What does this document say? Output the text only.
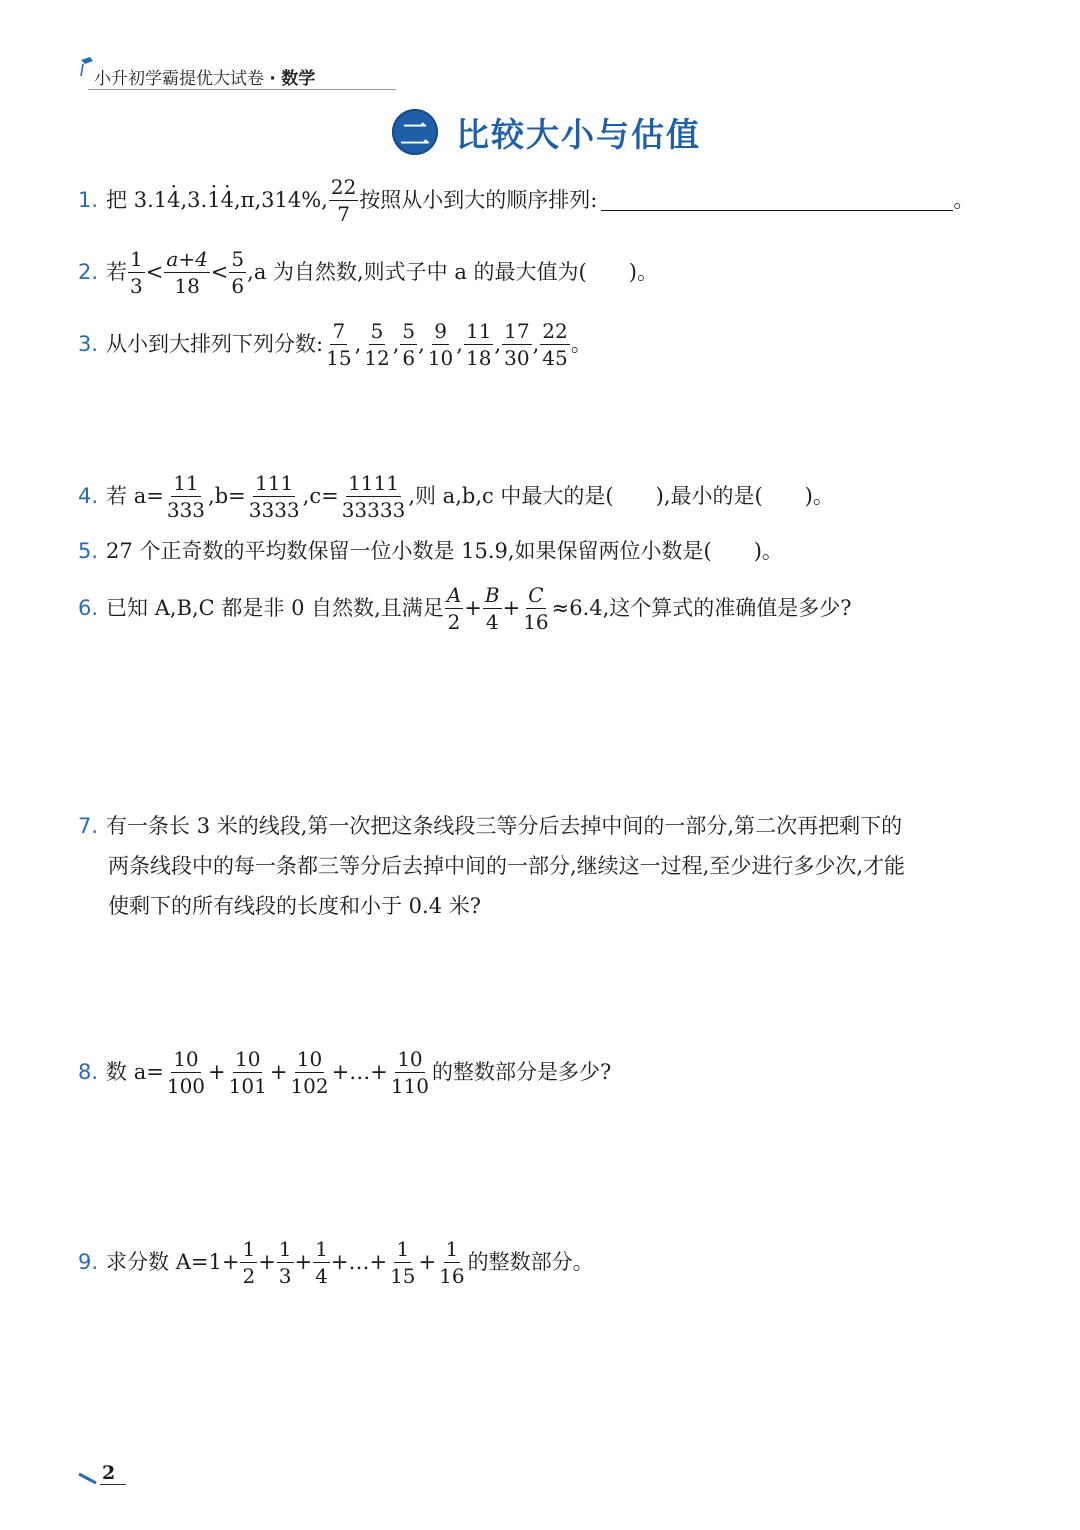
小升初学霸提优大试卷 · 数学
二 比较大小与估值
1. 把 3.1 · 4 ,3. · 1 · 4 ,π,314%, $\frac{22}{7}$ 按照从小到大的顺序排列:	。
2. 若 $\frac{1}{3} < \frac{a+4}{18} < \frac{5}{6} ,a$ 为自然数,则式子中 a 的最大值为(　　)。
3. 从小到大排列下列分数: $\frac{7}{15}$ , $\frac{5}{12}$ , $\frac{5}{6}$ , $\frac{9}{10}$ , $\frac{11}{18}$ , $\frac{17}{30}$ , $\frac{22}{45}$ 。
4. 若 $a= \frac{11}{333} ,b= \frac{111}{3333} ,c= \frac{1111}{33333}$ ,则 a,b,c 中最大的是(　　),最小的是(　　)。
5. 27 个正奇数的平均数保留一位小数是 15.9,如果保留两位小数是(　　)。
6. 已知 A,B,C 都是非 0 自然数,且满足 $\frac{A}{2} + \frac{B}{4} + \frac{C}{16} \approx 6.4$,这个算式的准确值是多少?
7. 有一条长 3 米的线段,第一次把这条线段三等分后去掉中间的一部分,第二次再把剩下的
两条线段中的每一条都三等分后去掉中间的一部分,继续这一过程,至少进行多少次,才能
使剩下的所有线段的长度和小于 0.4 米?
8. 数 $a= \frac{10}{100} + \frac{10}{101} + \frac{10}{102}$ +…+ $\frac{10}{110}$ 的整数部分是多少?
9. 求分数 $A=1+ \frac{1}{2} + \frac{1}{3} + \frac{1}{4}$ +…+ $\frac{1}{15} + \frac{1}{16}$ 的整数部分。
2
